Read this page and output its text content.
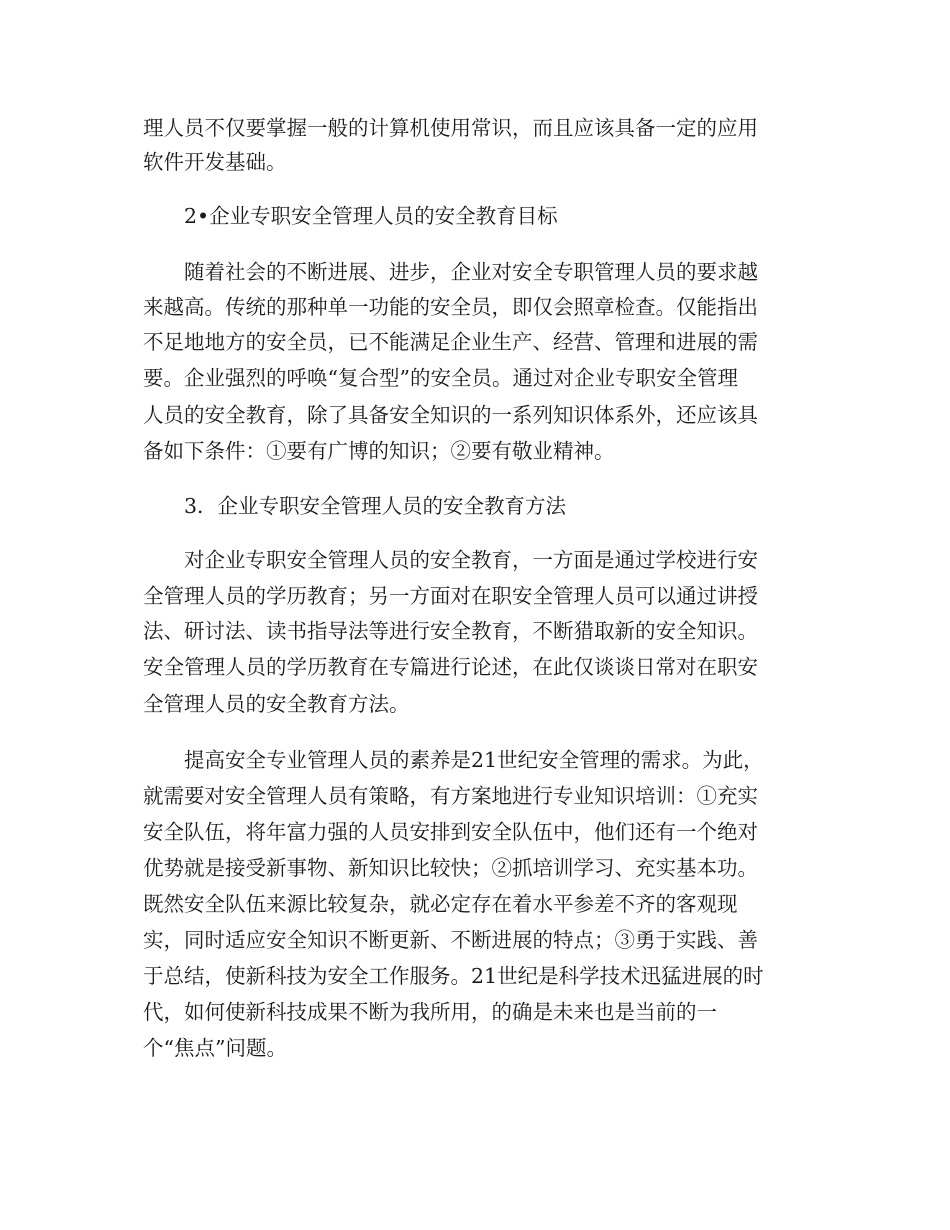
理人员不仅要掌握一般的计算机使用常识，而且应该具备一定的应用

软件开发基础。

2•企业专职安全管理人员的安全教育目标

随着社会的不断进展、进步，企业对安全专职管理人员的要求越

来越高。传统的那种单一功能的安全员，即仅会照章检查。仅能指出

不足地地方的安全员，已不能满足企业生产、经营、管理和进展的需

要。企业强烈的呼唤“复合型”的安全员。通过对企业专职安全管理

人员的安全教育，除了具备安全知识的一系列知识体系外，还应该具

备如下条件：①要有广博的知识；②要有敬业精神。

3．企业专职安全管理人员的安全教育方法

对企业专职安全管理人员的安全教育，一方面是通过学校进行安

全管理人员的学历教育；另一方面对在职安全管理人员可以通过讲授

法、研讨法、读书指导法等进行安全教育，不断猎取新的安全知识。

安全管理人员的学历教育在专篇进行论述，在此仅谈谈日常对在职安

全管理人员的安全教育方法。

提高安全专业管理人员的素养是21世纪安全管理的需求。为此，

就需要对安全管理人员有策略，有方案地进行专业知识培训：①充实

安全队伍，将年富力强的人员安排到安全队伍中，他们还有一个绝对

优势就是接受新事物、新知识比较快；②抓培训学习、充实基本功。

既然安全队伍来源比较复杂，就必定存在着水平参差不齐的客观现

实，同时适应安全知识不断更新、不断进展的特点；③勇于实践、善

于总结，使新科技为安全工作服务。21世纪是科学技术迅猛进展的时

代，如何使新科技成果不断为我所用，的确是未来也是当前的一

个“焦点”问题。
